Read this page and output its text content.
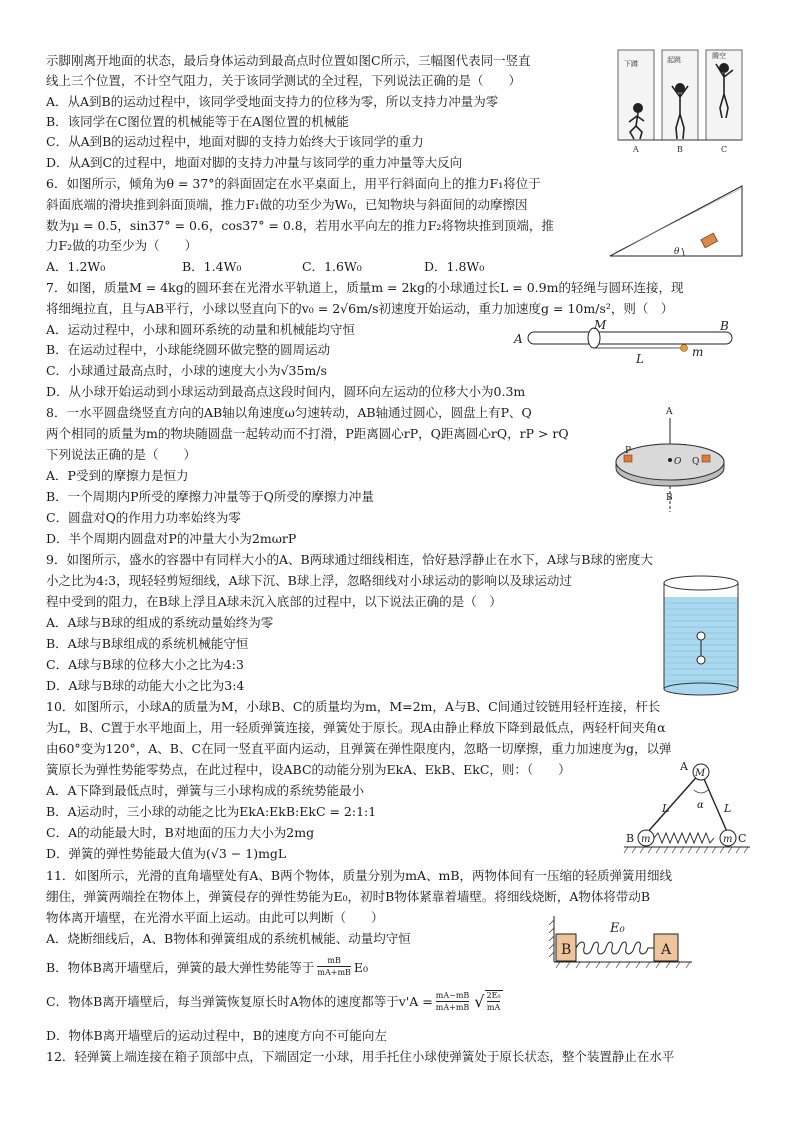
示脚刚离开地面的状态，最后身体运动到最高点时位置如图C所示，三幅图代表同一竖直
线上三个位置，不计空气阻力，关于该同学测试的全过程，下列说法正确的是（　　）
A．从A到B的运动过程中，该同学受地面支持力的位移为零，所以支持力冲量为零
B．该同学在C图位置的机械能等于在A图位置的机械能
C．从A到B的运动过程中，地面对脚的支持力始终大于该同学的重力
D．从A到C的过程中，地面对脚的支持力冲量与该同学的重力冲量等大反向
下蹲	起跳	腾空
A	B	C
6．如图所示，倾角为θ = 37°的斜面固定在水平桌面上，用平行斜面向上的推力F₁将位于
斜面底端的滑块推到斜面顶端，推力F₁做的功至少为W₀，已知物块与斜面间的动摩擦因
数为μ = 0.5，sin37° = 0.6，cos37° = 0.8，若用水平向左的推力F₂将物块推到顶端，推
力F₂做的功至少为（　　）
A．1.2W₀	B．1.4W₀	C．1.6W₀	D．1.8W₀
θ
7．如图，质量M = 4kg的圆环套在光滑水平轨道上，质量m = 2kg的小球通过长L = 0.9m的轻绳与圆环连接，现
将细绳拉直，且与AB平行，小球以竖直向下的v₀ = 2√6m/s初速度开始运动，重力加速度g = 10m/s²，则（　）
A．运动过程中，小球和圆环系统的动量和机械能均守恒
B．在运动过程中，小球能绕圆环做完整的圆周运动
C．小球通过最高点时，小球的速度大小为√35m/s
D．从小球开始运动到小球运动到最高点这段时间内，圆环向左运动的位移大小为0.3m
A
M	B
L	m
8．一水平圆盘绕竖直方向的AB轴以角速度ω匀速转动，AB轴通过圆心，圆盘上有P、Q
两个相同的质量为m的物块随圆盘一起转动而不打滑，P距离圆心rP，Q距离圆心rQ，rP > rQ
下列说法正确的是（　　）
A．P受到的摩擦力是恒力
B．一个周期内P所受的摩擦力冲量等于Q所受的摩擦力冲量
C．圆盘对Q的作用力功率始终为零
D．半个周期内圆盘对P的冲量大小为2mωrP
A
P
O Q
B
9．如图所示，盛水的容器中有同样大小的A、B两球通过细线相连，恰好悬浮静止在水下，A球与B球的密度大
小之比为4:3，现轻轻剪短细线，A球下沉、B球上浮，忽略细线对小球运动的影响以及球运动过
程中受到的阻力，在B球上浮且A球未沉入底部的过程中，以下说法正确的是（　）
A．A球与B球的组成的系统动量始终为零
B．A球与B球组成的系统机械能守恒
C．A球与B球的位移大小之比为4:3
D．A球与B球的动能大小之比为3:4
10．如图所示，小球A的质量为M，小球B、C的质量均为m，M=2m，A与B、C间通过铰链用轻杆连接，杆长
为L，B、C置于水平地面上，用一轻质弹簧连接，弹簧处于原长。现A由静止释放下降到最低点，两轻杆间夹角α
由60°变为120°，A、B、C在同一竖直平面内运动，且弹簧在弹性限度内，忽略一切摩擦，重力加速度为g，以弹
簧原长为弹性势能零势点，在此过程中，设ABC的动能分别为EkA、EkB、EkC，则：（　　）
A．A下降到最低点时，弹簧与三小球构成的系统势能最小
B．A运动时，三小球的动能之比为EkA:EkB:EkC = 2:1:1
C．A的动能最大时，B对地面的压力大小为2mg
D．弹簧的弹性势能最大值为(√3 − 1)mgL
A
M
α
L	L
B m	m C
11．如图所示，光滑的直角墙壁处有A、B两个物体，质量分别为mA、mB，两物体间有一压缩的轻质弹簧用细线
绷住，弹簧两端拴在物体上，弹簧侵存的弹性势能为E₀，初时B物体紧靠着墙壁。将细线烧断，A物体将带动B
物体离开墙壁，在光滑水平面上运动。由此可以判断（　　）
A．烧断细线后，A、B物体和弹簧组成的系统机械能、动量均守恒
B．物体B离开墙壁后，弹簧的最大弹性势能等于 $\frac{mB}{mA+mB} E_0$
C．物体B离开墙壁后，每当弹簧恢复原长时A物体的速度都等于$v'A = \frac{mA-mB}{mA+mB}$ √ $\frac{\text{2E₀}}{mA}$
D．物体B离开墙壁后的运动过程中，B的速度方向不可能向左
E₀
B	A
12．轻弹簧上端连接在箱子顶部中点，下端固定一小球，用手托住小球使弹簧处于原长状态，整个装置静止在水平
